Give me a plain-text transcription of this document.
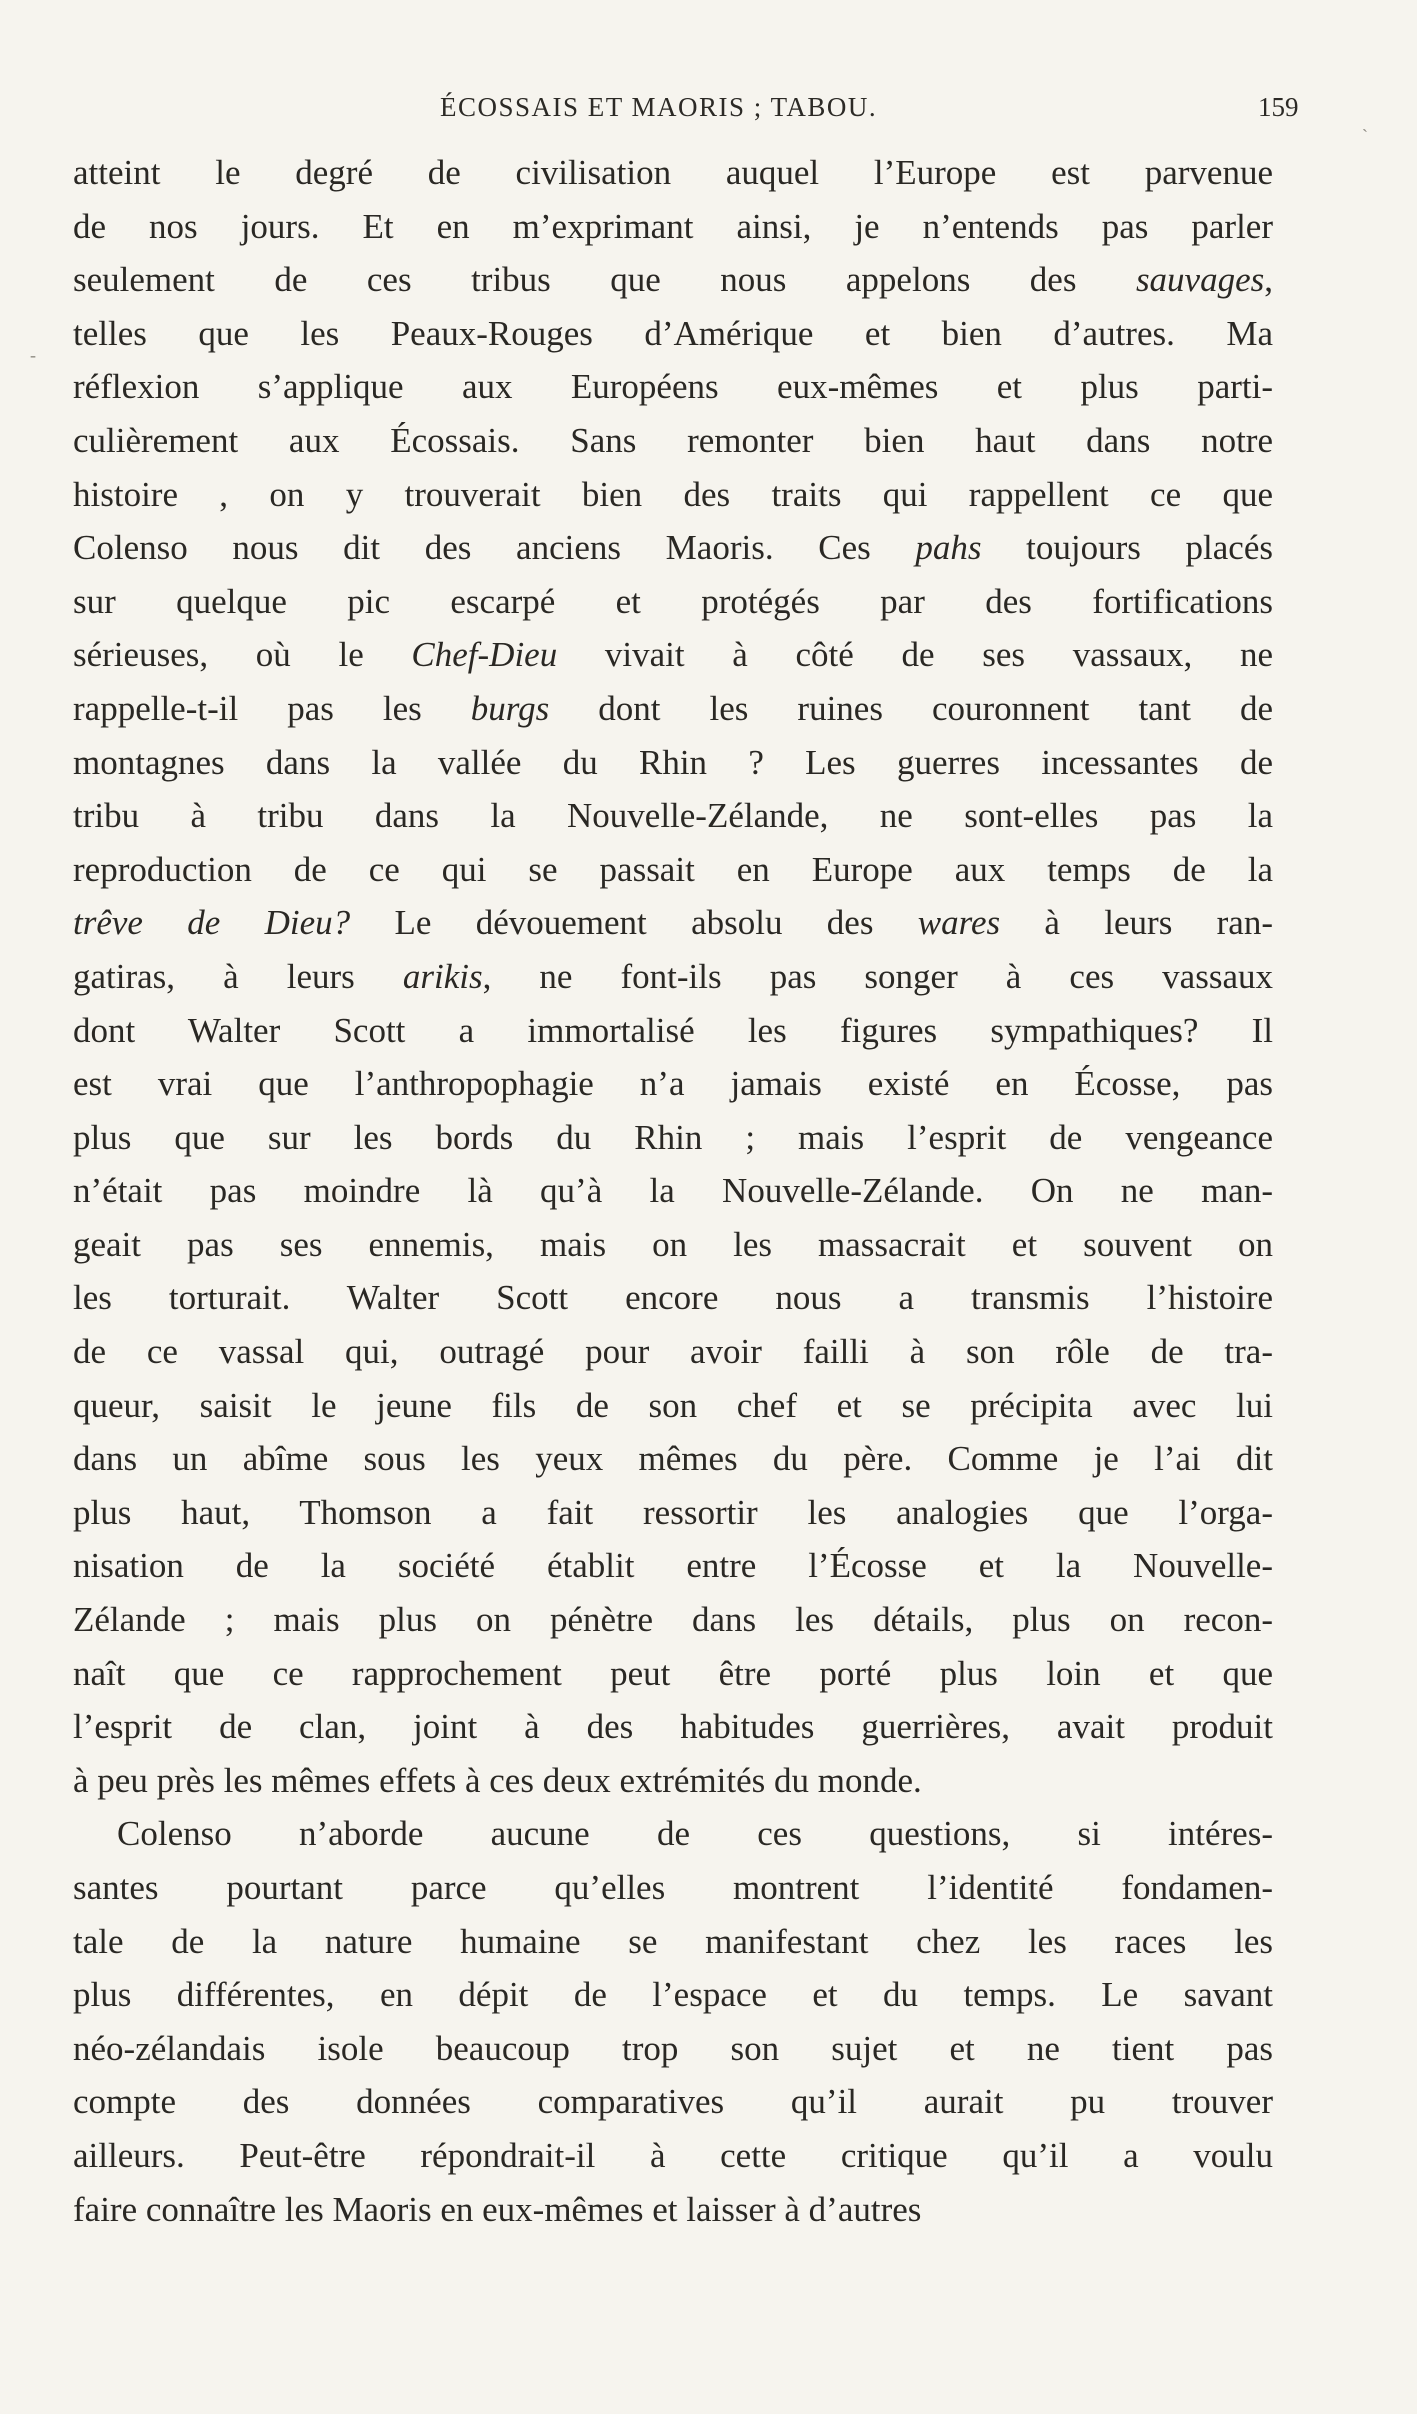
ÉCOSSAIS ET MAORIS ; TABOU.	159
atteint le degré de civilisation auquel l’Europe est parvenue
de nos jours. Et en m’exprimant ainsi, je n’entends pas parler
seulement de ces tribus que nous appelons des sauvages,
telles que les Peaux-Rouges d’Amérique et bien d’autres. Ma
réflexion s’applique aux Européens eux-mêmes et plus parti-
culièrement aux Écossais. Sans remonter bien haut dans notre
histoire , on y trouverait bien des traits qui rappellent ce que
Colenso nous dit des anciens Maoris. Ces pahs toujours placés
sur quelque pic escarpé et protégés par des fortifications
sérieuses, où le Chef-Dieu vivait à côté de ses vassaux, ne
rappelle-t-il pas les burgs dont les ruines couronnent tant de
montagnes dans la vallée du Rhin ? Les guerres incessantes de
tribu à tribu dans la Nouvelle-Zélande, ne sont-elles pas la
reproduction de ce qui se passait en Europe aux temps de la
trêve de Dieu? Le dévouement absolu des wares à leurs ran-
gatiras, à leurs arikis, ne font-ils pas songer à ces vassaux
dont Walter Scott a immortalisé les figures sympathiques? Il
est vrai que l’anthropophagie n’a jamais existé en Écosse, pas
plus que sur les bords du Rhin ; mais l’esprit de vengeance
n’était pas moindre là qu’à la Nouvelle-Zélande. On ne man-
geait pas ses ennemis, mais on les massacrait et souvent on
les torturait. Walter Scott encore nous a transmis l’histoire
de ce vassal qui, outragé pour avoir failli à son rôle de tra-
queur, saisit le jeune fils de son chef et se précipita avec lui
dans un abîme sous les yeux mêmes du père. Comme je l’ai dit
plus haut, Thomson a fait ressortir les analogies que l’orga-
nisation de la société établit entre l’Écosse et la Nouvelle-
Zélande ; mais plus on pénètre dans les détails, plus on recon-
naît que ce rapprochement peut être porté plus loin et que
l’esprit de clan, joint à des habitudes guerrières, avait produit
à peu près les mêmes effets à ces deux extrémités du monde.
Colenso n’aborde aucune de ces questions, si intéres-
santes pourtant parce qu’elles montrent l’identité fondamen-
tale de la nature humaine se manifestant chez les races les
plus différentes, en dépit de l’espace et du temps. Le savant
néo-zélandais isole beaucoup trop son sujet et ne tient pas
compte des données comparatives qu’il aurait pu trouver
ailleurs. Peut-être répondrait-il à cette critique qu’il a voulu
faire connaître les Maoris en eux-mêmes et laisser à d’autres
`
-
